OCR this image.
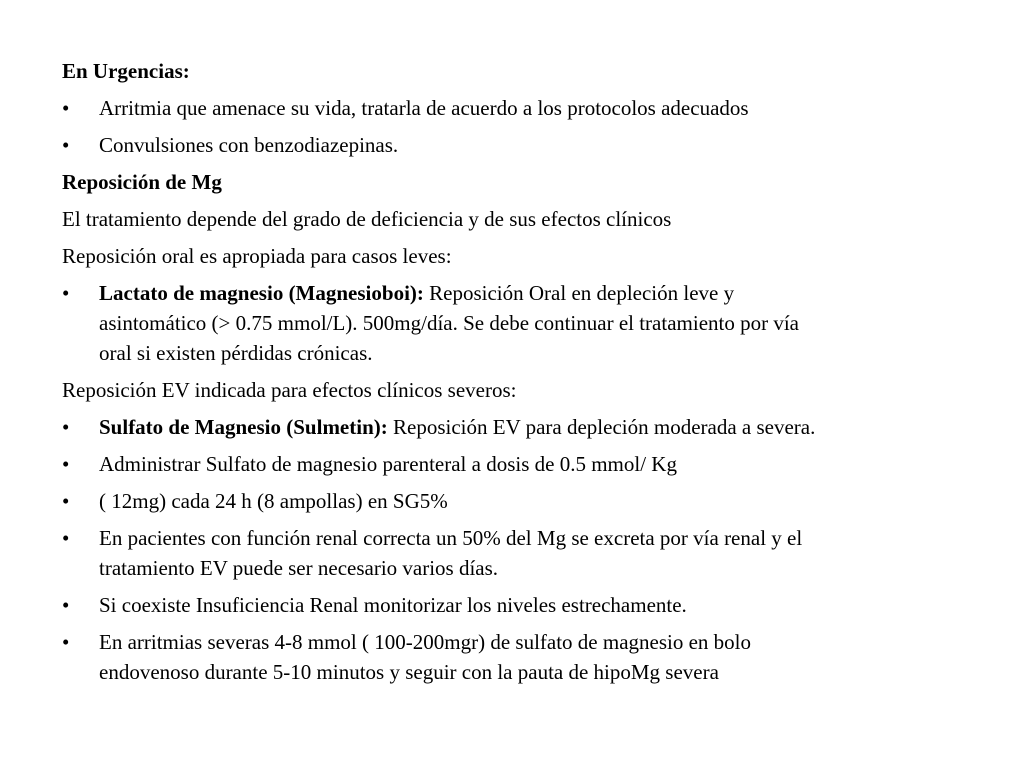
En Urgencias:
•	Arritmia que amenace su vida, tratarla de acuerdo a los protocolos adecuados
•	Convulsiones con benzodiazepinas.
Reposición de Mg
El tratamiento depende del grado de deficiencia y de sus efectos clínicos
Reposición oral es apropiada para casos leves:
•	Lactato de magnesio (Magnesioboi): Reposición Oral en depleción leve y
asintomático (> 0.75 mmol/L). 500mg/día. Se debe continuar el tratamiento por vía
oral si existen pérdidas crónicas.
Reposición EV indicada para efectos clínicos severos:
•	Sulfato de Magnesio (Sulmetin): Reposición EV para depleción moderada a severa.
•	Administrar Sulfato de magnesio parenteral a dosis de 0.5 mmol/ Kg
•	( 12mg) cada 24 h (8 ampollas) en SG5%
•	En pacientes con función renal correcta un 50% del Mg se excreta por vía renal y el
tratamiento EV puede ser necesario varios días.
•	Si coexiste Insuficiencia Renal monitorizar los niveles estrechamente.
•	En arritmias severas 4-8 mmol ( 100-200mgr) de sulfato de magnesio en bolo
endovenoso durante 5-10 minutos y seguir con la pauta de hipoMg severa
